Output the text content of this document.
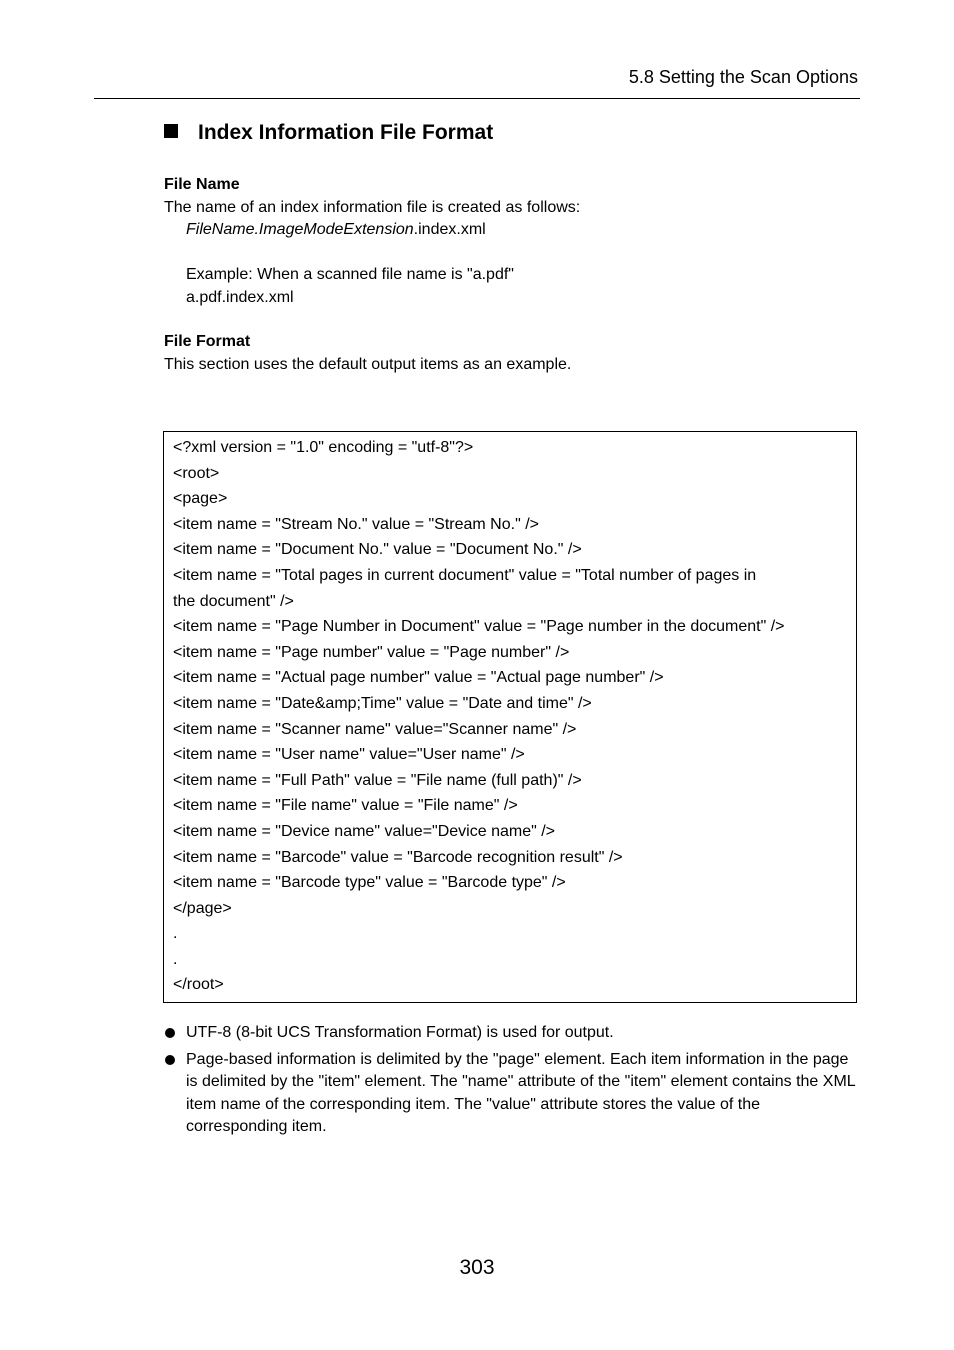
5.8 Setting the Scan Options
Index Information File Format
File Name
The name of an index information file is created as follows:
FileName.ImageModeExtension.index.xml
Example: When a scanned file name is "a.pdf"
a.pdf.index.xml
File Format
This section uses the default output items as an example.
<?xml version = "1.0" encoding = "utf-8"?>
<root>
<page>
<item name = "Stream No." value = "Stream No." />
<item name = "Document No." value = "Document No." />
<item name = "Total pages in current document" value = "Total number of pages in
the document" />
<item name = "Page Number in Document" value = "Page number in the document" />
<item name = "Page number" value = "Page number" />
<item name = "Actual page number" value = "Actual page number" />
<item name = "Date&amp;Time" value = "Date and time" />
<item name = "Scanner name" value="Scanner name" />
<item name = "User name" value="User name" />
<item name = "Full Path" value = "File name (full path)" />
<item name = "File name" value = "File name" />
<item name = "Device name" value="Device name" />
<item name = "Barcode" value = "Barcode recognition result" />
<item name = "Barcode type" value = "Barcode type" />
</page>
.
.
</root>
UTF-8 (8-bit UCS Transformation Format) is used for output.
Page-based information is delimited by the "page" element. Each item information in the page is delimited by the "item" element. The "name" attribute of the "item" element contains the XML item name of the corresponding item. The "value" attribute stores the value of the corresponding item.
303
